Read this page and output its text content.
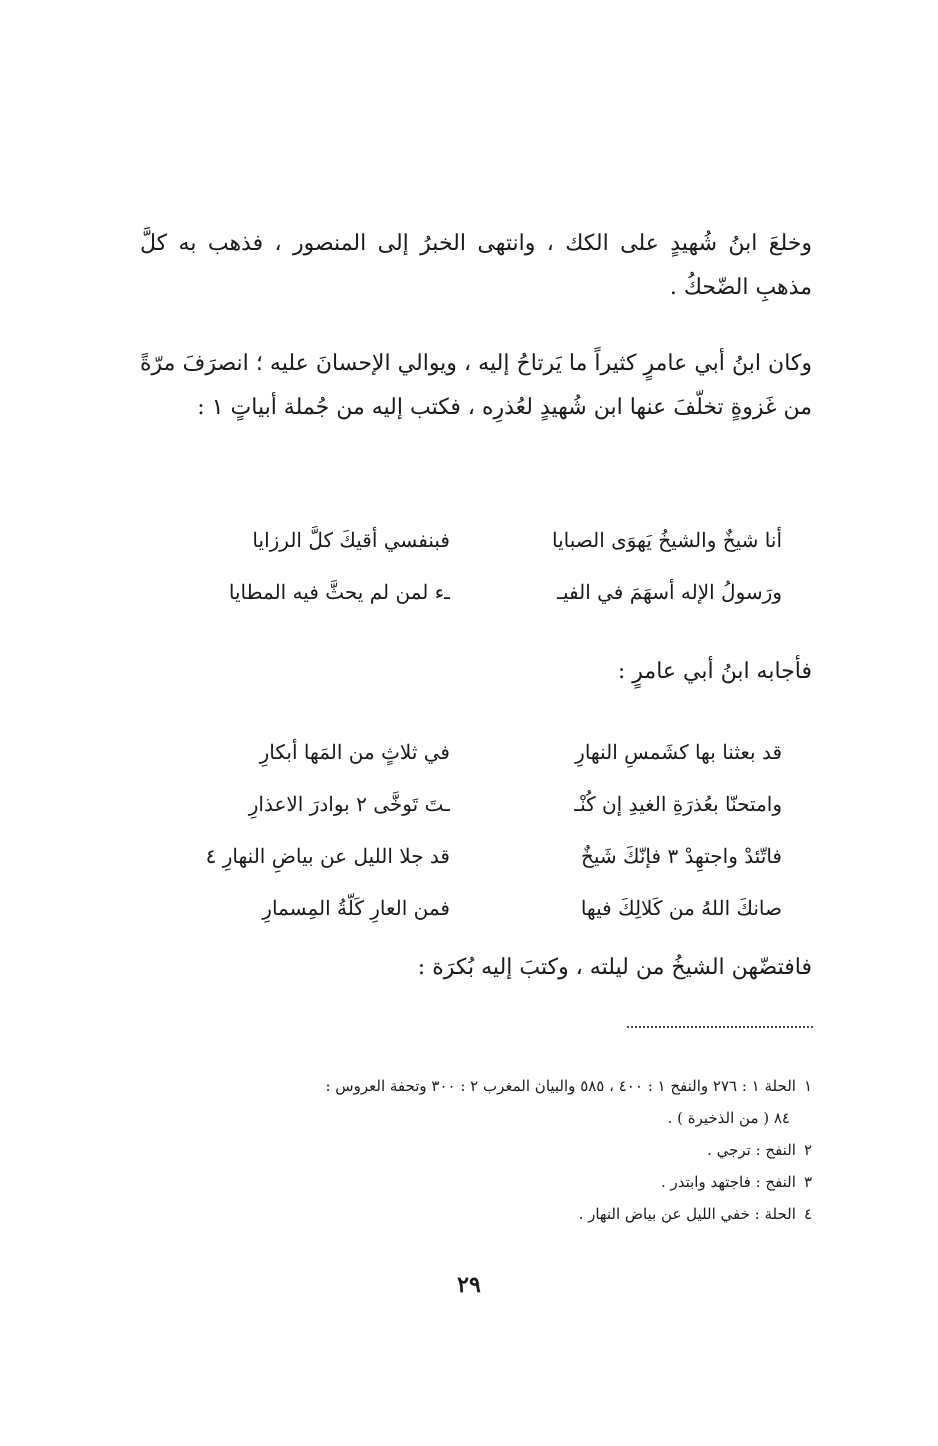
وخلعَ ابنُ شُهيدٍ على الكك ، وانتهى الخبرُ إلى المنصور ، فذهب به كلَّ مذهبِ الضّحكُ .
وكان ابنُ أبي عامرٍ كثيراً ما يَرتاحُ إليه ، ويوالي الإحسانَ عليه ؛ انصرَفَ مرّةً من غَزوةٍ تخلّفَ عنها ابن شُهيدٍ لعُذرِه ، فكتب إليه من جُملة أبياتٍ ١ :
أنا شيخٌ والشيخُ يَهوَى الصبايا
فبنفسي أقيكَ كلَّ الرزايا
ورَسولُ الإله أسهَمَ في الفيـ
ـء لمن لم يحثَّ فيه المطايا
فأجابه ابنُ أبي عامرٍ :
قد بعثنا بها كشَمسِ النهارِ
في ثلاثٍ من المَها أبكارِ
وامتحنّا بعُذرَةِ الغيدِ إن كُنْـ
ـتَ تَوخَّى ٢ بوادرَ الاعذارِ
فاتّئدْ واجتهِدْ ٣ فإنّكَ شَيخٌ
قد جلا الليل عن بياضِ النهارِ ٤
صانكَ اللهُ من كَلالِكَ فيها
فمن العارِ كَلّةُ المِسمارِ
فافتضّهن الشيخُ من ليلته ، وكتبَ إليه بُكرَة :
١الحلة ١ : ٢٧٦ والنفح ١ : ٤٠٠ ، ٥٨٥ والبيان المغرب ٢ : ٣٠٠ وتحفة العروس :
٨٤ ( من الذخيرة ) .
٢النفح : ترجي .
٣النفح : فاجتهد وابتدر .
٤الحلة : خفي الليل عن بياض النهار .
٢٩
